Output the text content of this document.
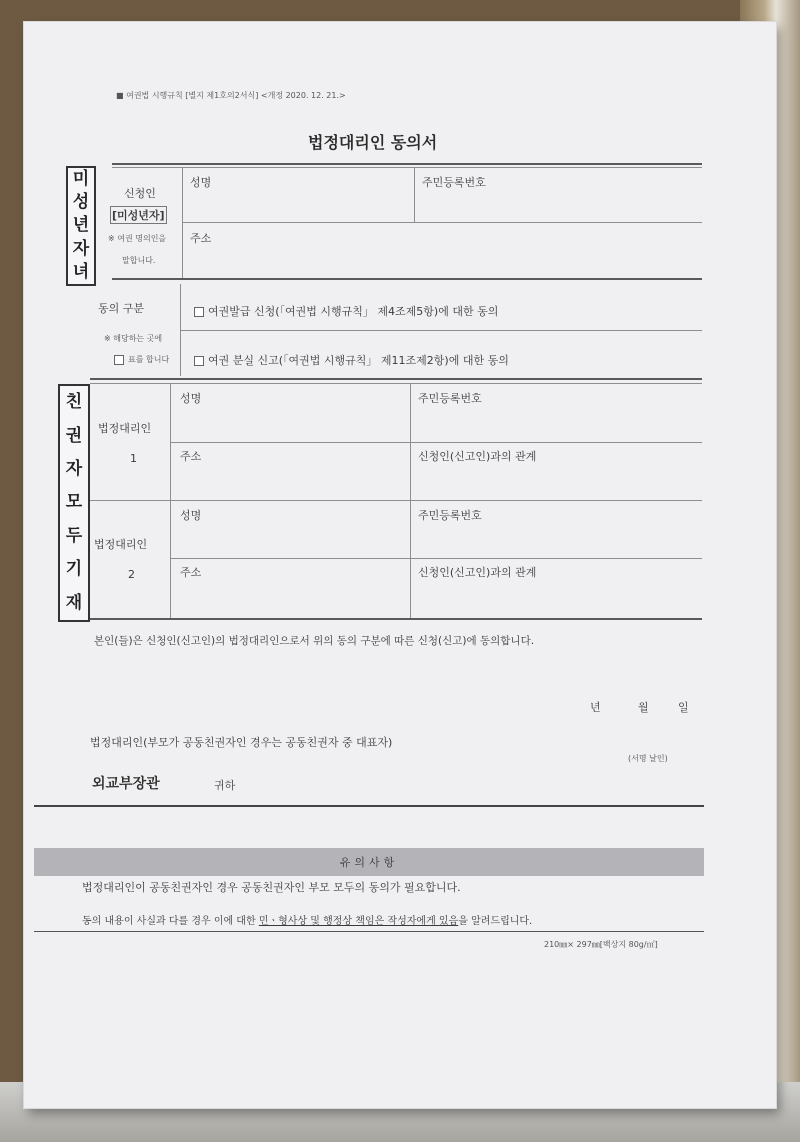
■ 여권법 시행규칙 [별지 제1호의2서식] <개정 2020. 12. 21.>
법정대리인 동의서
미
성
년
자
녀
신청인
[미성년자]
※ 여권 명의인을
말합니다.
성명	주민등록번호
주소
동의 구분
※ 해당하는 곳에
표를 합니다
여권발급 신청(「여권법 시행규칙」 제4조제5항)에 대한 동의
여권 분실 신고(「여권법 시행규칙」 제11조제2항)에 대한 동의
친
권
자
모
두
기
재
법정대리인
1
성명	주민등록번호
주소	신청인(신고인)과의 관계
법정대리인
2
성명	주민등록번호
주소	신청인(신고인)과의 관계
본인(들)은 신청인(신고인)의 법정대리인으로서 위의 동의 구분에 따른 신청(신고)에 동의합니다.
년	월	일
법정대리인(부모가 공동친권자인 경우는 공동친권자 중 대표자)
(서명 날인)
외교부장관	귀하
유의사항
법정대리인이 공동친권자인 경우 공동친권자인 부모 모두의 동의가 필요합니다.
동의 내용이 사실과 다를 경우 이에 대한 민ㆍ형사상 및 행정상 책임은 작성자에게 있음을 알려드립니다.
210㎜× 297㎜[백상지 80g/㎡]
